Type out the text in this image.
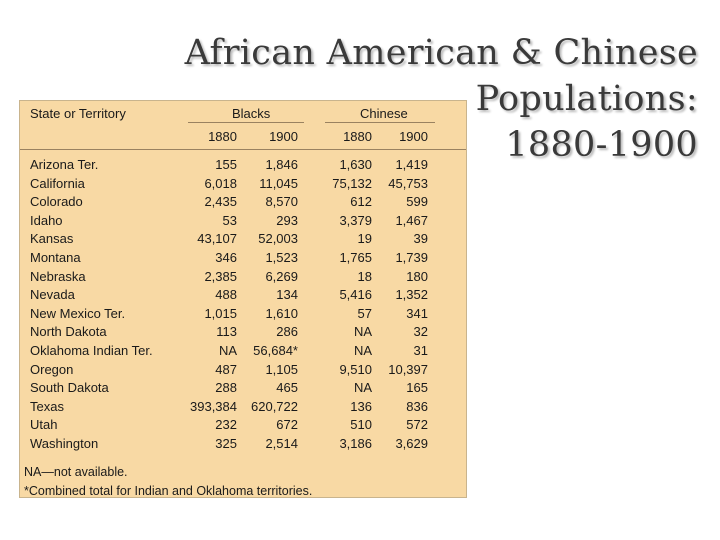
African American & Chinese
Populations:
1880-1900
State or Territory	Blacks	Chinese
1880 1900	1880 1900
Arizona Ter.	155 1,846	1,630 1,419
California	6,018 11,045	75,132 45,753
Colorado	2,435 8,570	612	599
Idaho	53	293	3,379 1,467
Kansas	43,107 52,003	19	39
Montana	346 1,523	1,765 1,739
Nebraska	2,385 6,269	18	180
Nevada	488	134	5,416 1,352
New Mexico Ter.	1,015 1,610	57	341
North Dakota	113	286	NA	32
Oklahoma Indian Ter.	NA 56,684*	NA	31
Oregon	487 1,105	9,510 10,397
South Dakota	288	465	NA	165
Texas	393,384 620,722	136	836
Utah	232	672	510	572
Washington	325 2,514	3,186 3,629
NA—not available.
*Combined total for Indian and Oklahoma territories.
